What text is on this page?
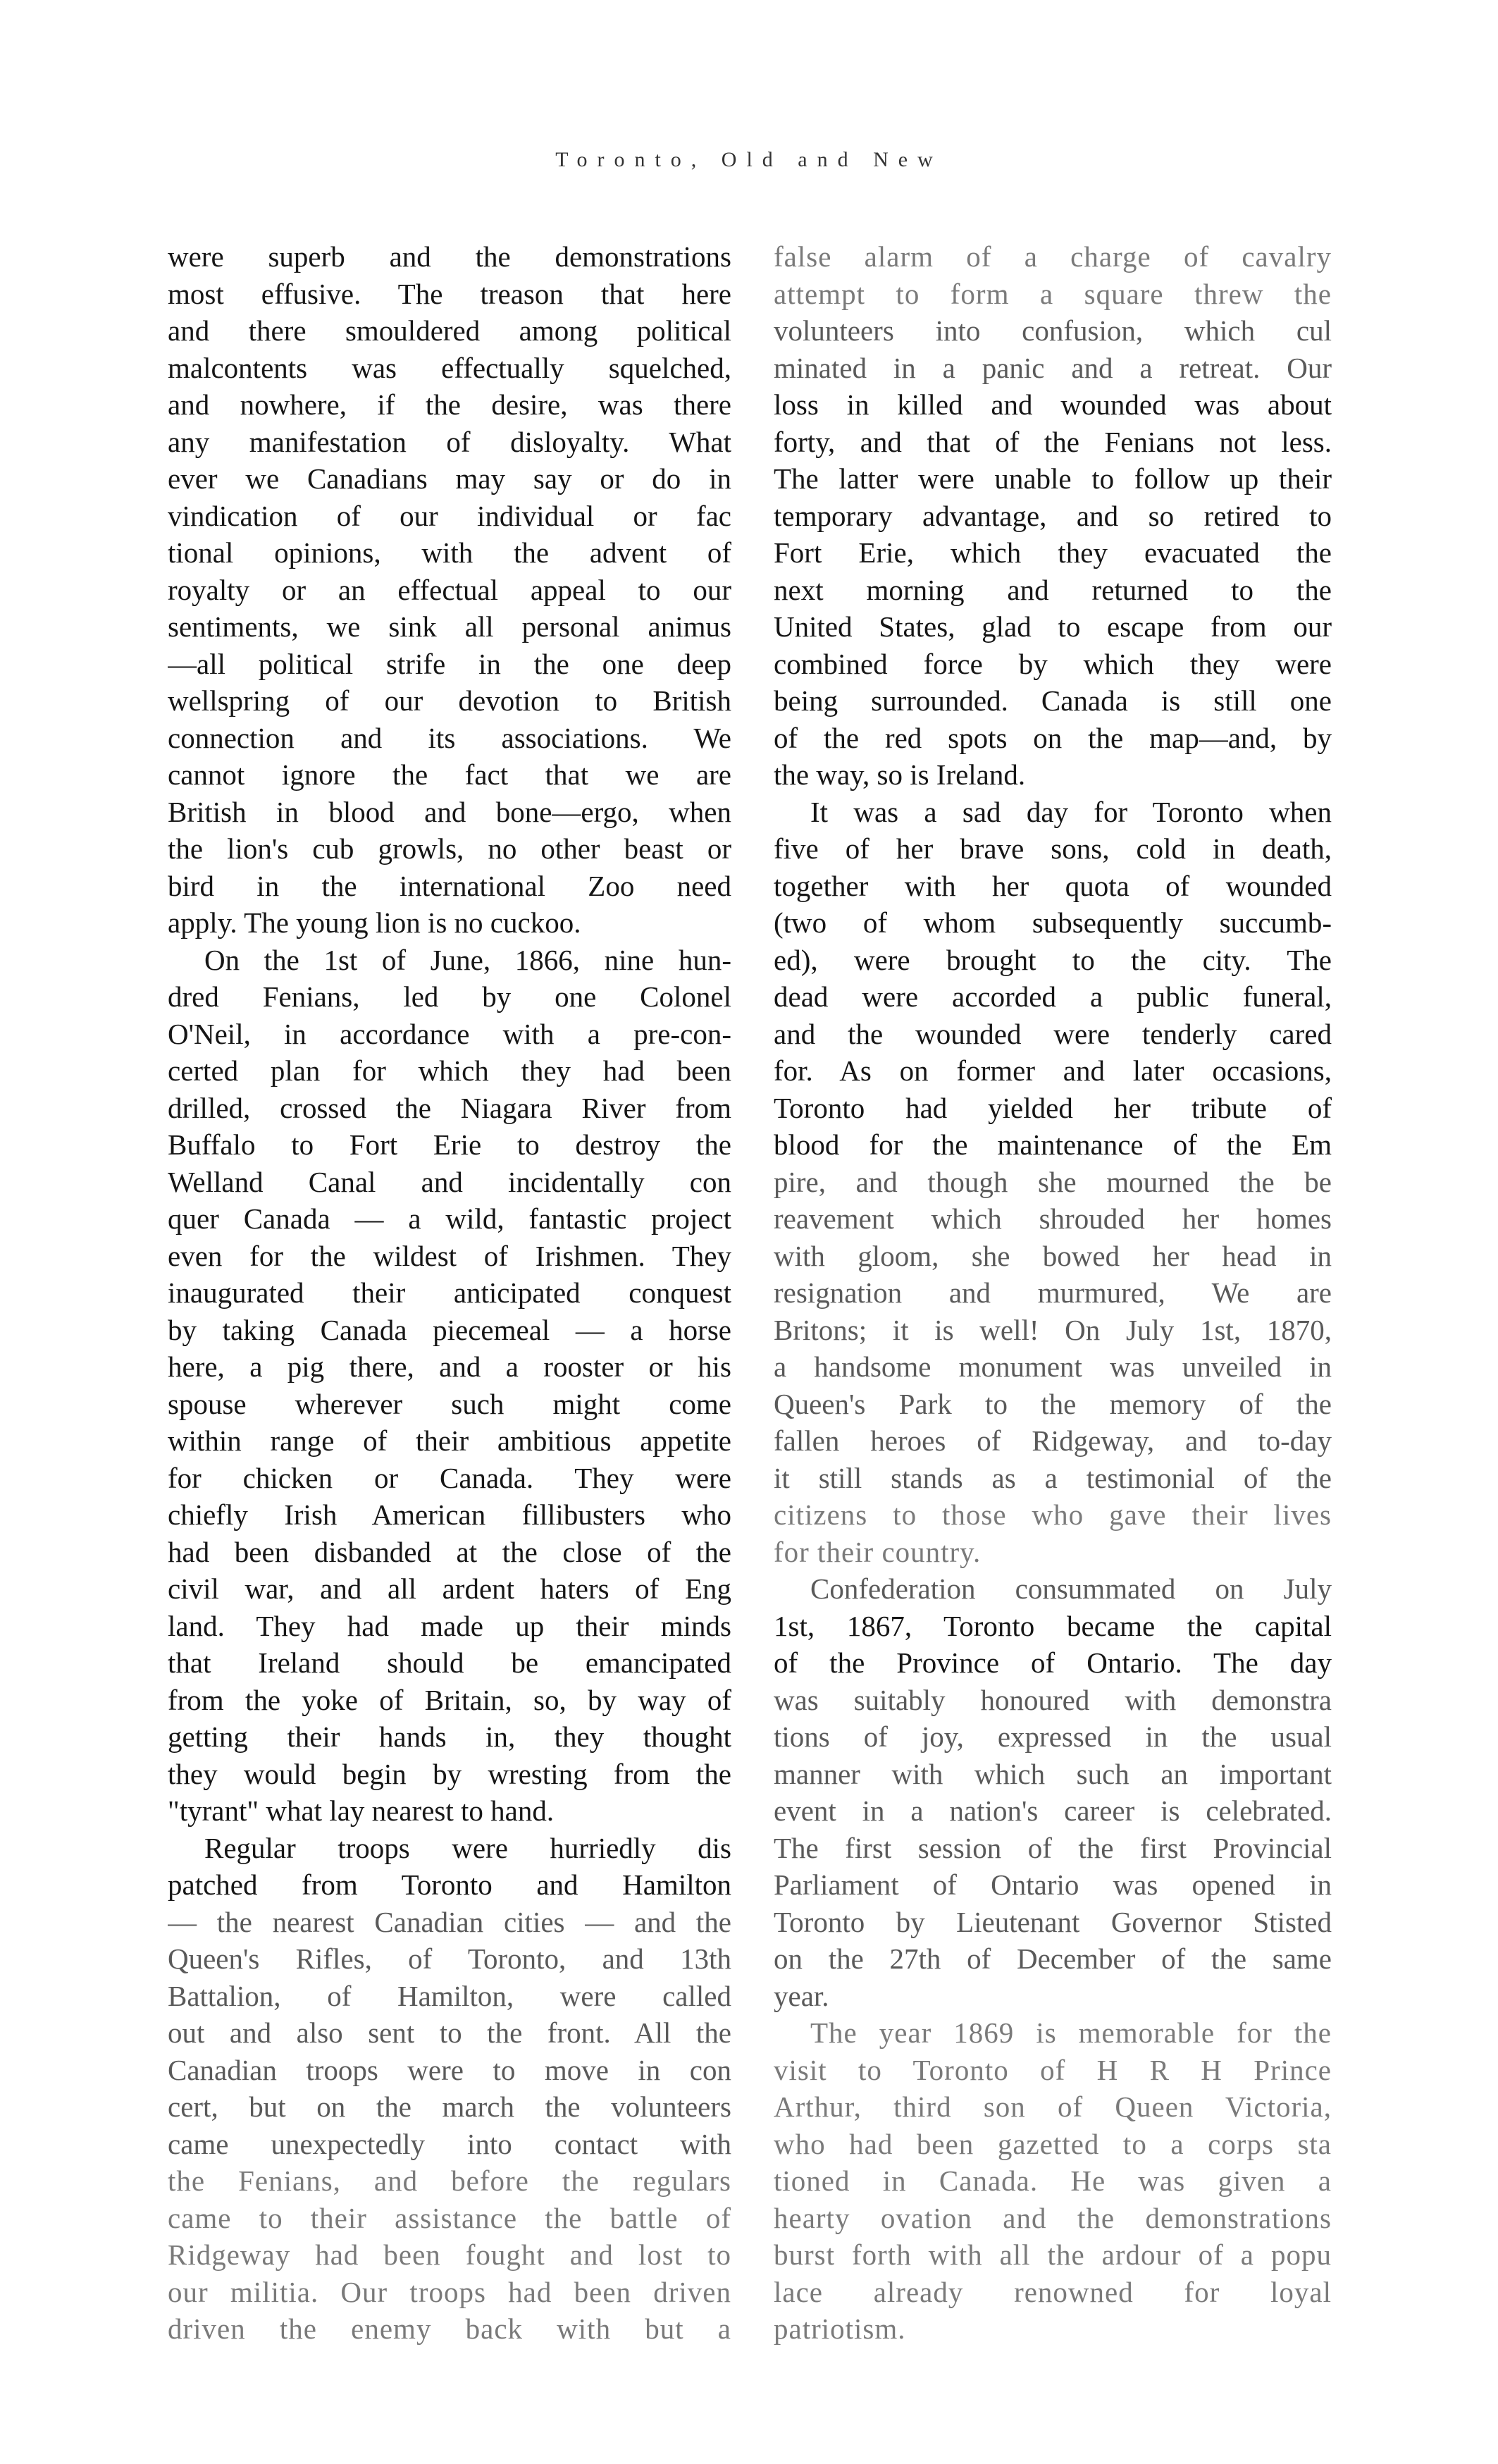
Toronto, Old and New
were superb and the demonstrations
most effusive. The treason that here
and there smouldered among political
malcontents was effectually squelched,
and nowhere, if the desire, was there
any manifestation of disloyalty. What
ever we Canadians may say or do in
vindication of our individual or fac
tional opinions, with the advent of
royalty or an effectual appeal to our
sentiments, we sink all personal animus
—all political strife in the one deep
wellspring of our devotion to British
connection and its associations. We
cannot ignore the fact that we are
British in blood and bone—ergo, when
the lion's cub growls, no other beast or
bird in the international Zoo need
apply. The young lion is no cuckoo.
On the 1st of June, 1866, nine hun-
dred Fenians, led by one Colonel
O'Neil, in accordance with a pre-con-
certed plan for which they had been
drilled, crossed the Niagara River from
Buffalo to Fort Erie to destroy the
Welland Canal and incidentally con
quer Canada — a wild, fantastic project
even for the wildest of Irishmen. They
inaugurated their anticipated conquest
by taking Canada piecemeal — a horse
here, a pig there, and a rooster or his
spouse wherever such might come
within range of their ambitious appetite
for chicken or Canada. They were
chiefly Irish American fillibusters who
had been disbanded at the close of the
civil war, and all ardent haters of Eng
land. They had made up their minds
that Ireland should be emancipated
from the yoke of Britain, so, by way of
getting their hands in, they thought
they would begin by wresting from the
"tyrant" what lay nearest to hand.
Regular troops were hurriedly dis
patched from Toronto and Hamilton
— the nearest Canadian cities — and the
Queen's Rifles, of Toronto, and 13th
Battalion, of Hamilton, were called
out and also sent to the front. All the
Canadian troops were to move in con
cert, but on the march the volunteers
came unexpectedly into contact with
the Fenians, and before the regulars
came to their assistance the battle of
Ridgeway had been fought and lost to
our militia. Our troops had been driven
driven the enemy back with but a
false alarm of a charge of cavalry
attempt to form a square threw the
volunteers into confusion, which cul
minated in a panic and a retreat. Our
loss in killed and wounded was about
forty, and that of the Fenians not less.
The latter were unable to follow up their
temporary advantage, and so retired to
Fort Erie, which they evacuated the
next morning and returned to the
United States, glad to escape from our
combined force by which they were
being surrounded. Canada is still one
of the red spots on the map—and, by
the way, so is Ireland.
It was a sad day for Toronto when
five of her brave sons, cold in death,
together with her quota of wounded
(two of whom subsequently succumb-
ed), were brought to the city. The
dead were accorded a public funeral,
and the wounded were tenderly cared
for. As on former and later occasions,
Toronto had yielded her tribute of
blood for the maintenance of the Em
pire, and though she mourned the be
reavement which shrouded her homes
with gloom, she bowed her head in
resignation and murmured, We are
Britons; it is well! On July 1st, 1870,
a handsome monument was unveiled in
Queen's Park to the memory of the
fallen heroes of Ridgeway, and to-day
it still stands as a testimonial of the
citizens to those who gave their lives
for their country.
Confederation consummated on July
1st, 1867, Toronto became the capital
of the Province of Ontario. The day
was suitably honoured with demonstra
tions of joy, expressed in the usual
manner with which such an important
event in a nation's career is celebrated.
The first session of the first Provincial
Parliament of Ontario was opened in
Toronto by Lieutenant Governor Stisted
on the 27th of December of the same
year.
The year 1869 is memorable for the
visit to Toronto of H R H Prince
Arthur, third son of Queen Victoria,
who had been gazetted to a corps sta
tioned in Canada. He was given a
hearty ovation and the demonstrations
burst forth with all the ardour of a popu
lace already renowned for loyal
patriotism.
